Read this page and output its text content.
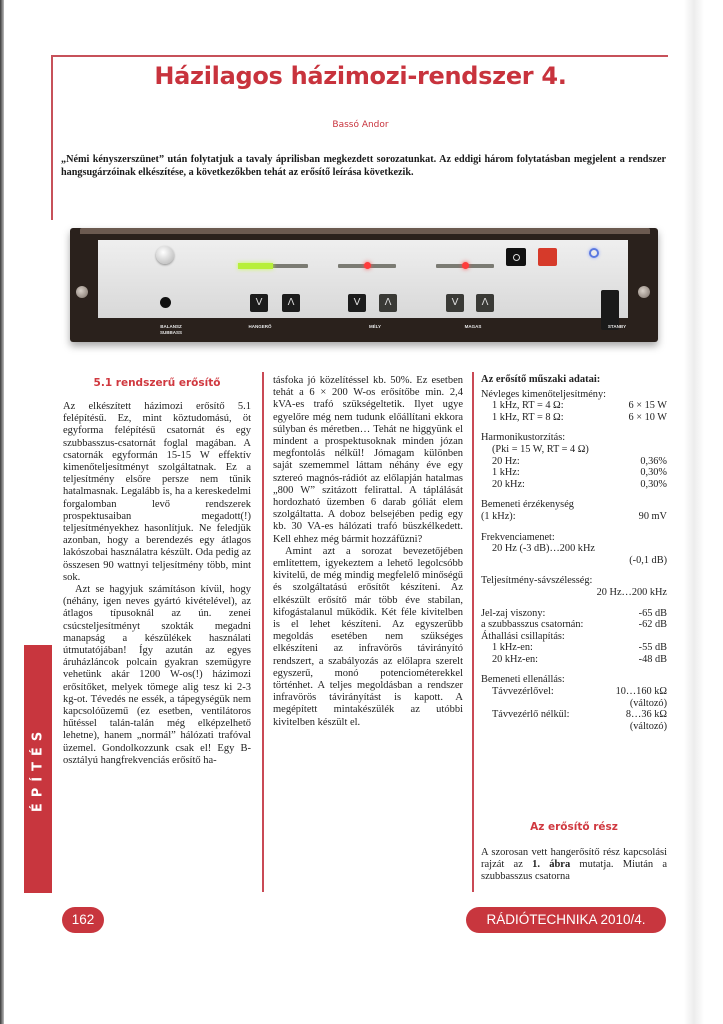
Házilagos házimozi-rendszer 4.
Bassó Andor

„Némi kényszerszünet” után folytatjuk a tavaly áprilisban megkezdett sorozatunkat. Az eddigi három folytatásban megjelent a rendszer hangsugárzóinak elkészítése, a következőkben tehát az erősítő leírása következik.

V	Λ	V	Λ	V	Λ
BALANSZ
SUBBASS
HANGERŐ	MÉLY	MAGAS	STANBY
5.1 rendszerű erősítő

Az elkészített házimozi erősítő 5.1 felépítésű. Ez, mint köztudomású, öt egyforma felépítésű csatornát és egy szubbasszus-csatornát foglal magában. A csatornák egyformán 15-15 W effektív kimenőteljesítményt szolgáltatnak. Ez a teljesítmény elsőre persze nem tűnik hatalmasnak. Legalább is, ha a kereskedelmi forgalomban levő rendszerek prospektusaiban megadott(!) teljesítményekhez hasonlítjuk. Ne feledjük azonban, hogy a berendezés egy átlagos lakószobai használatra készült. Oda pedig az összesen 90 wattnyi teljesítmény több, mint sok.

Azt se hagyjuk számításon kívül, hogy (néhány, igen neves gyártó kivételével), az átlagos típusoknál az ún. zenei csúcsteljesítményt szokták megadni manapság a készülékek használati útmutatójában! Így azután az egyes áruházláncok polcain gyakran szemügyre vehetünk akár 1200 W-os(!) házimozi erősítőket, melyek tömege alig tesz ki 2-3 kg-ot. Tévedés ne essék, a tápegységük nem kapcsolóüzemű (ez esetben, ventilátoros hűtéssel talán-talán még elképzelhető lehetne), hanem „normál” hálózati trafóval üzemel. Gondolkozzunk csak el! Egy B-osztályú hangfrekvenciás erősítő ha-

tásfoka jó közelítéssel kb. 50%. Ez esetben tehát a 6 × 200 W-os erősítőbe min. 2,4 kVA-es trafó szükségeltetik. Ilyet ugye egyelőre még nem tudunk előállítani ekkora súlyban és méretben… Tehát ne higgyünk el mindent a prospektusoknak minden józan megfontolás nélkül! Jómagam különben saját szememmel láttam néhány éve egy sztereó magnós-rádiót az előlapján hatalmas „800 W” szitázott felirattal. A táplálását hordozható üzemben 6 darab góliát elem szolgáltatta. A doboz belsejében pedig egy kb. 30 VA-es hálózati trafó büszkélkedett. Kell ehhez még bármit hozzáfűzni?

Amint azt a sorozat bevezetőjében említettem, igyekeztem a lehető legolcsóbb kivitelű, de még mindig megfelelő minőségű és szolgáltatású erősítőt készíteni. Az elkészült erősítő már több éve stabilan, kifogástalanul működik. Két féle kivitelben is el lehet készíteni. Az egyszerűbb megoldás esetében nem szükséges elkészíteni az infravörös távirányító rendszert, a szabályozás az előlapra szerelt egyszerű, monó potenciométerekkel történhet. A teljes megoldásban a rendszer infravörös távirányítást is kapott. A megépített mintakészülék az utóbbi kivitelben készült el.

Az erősítő műszaki adatai:
Névleges kimenőteljesítmény:
1 kHz, RT = 4 Ω:	6 × 15 W
1 kHz, RT = 8 Ω:	6 × 10 W
Harmonikustorzítás:
(Pki = 15 W, RT = 4 Ω)
20 Hz:	0,36%
1 kHz:	0,30%
20 kHz:	0,30%
Bemeneti érzékenység
(1 kHz):	90 mV
Frekvenciamenet:
20 Hz (-3 dB)…200 kHz
(-0,1 dB)
Teljesítmény-sávszélesség:
20 Hz…200 kHz
Jel-zaj viszony:	-65 dB
a szubbasszus csatornán:	-62 dB
Áthallási csillapítás:
1 kHz-en:	-55 dB
20 kHz-en:	-48 dB
Bemeneti ellenállás:
Távvezérlővel:	10…160 kΩ
(változó)
Távvezérlő nélkül:	8…36 kΩ
(változó)
Az erősítő rész

A szorosan vett hangerősítő rész kapcsolási rajzát az 1. ábra mutatja. Miután a szubbasszus csatorna

ÉPÍTÉS
162	RÁDIÓTECHNIKA 2010/4.
